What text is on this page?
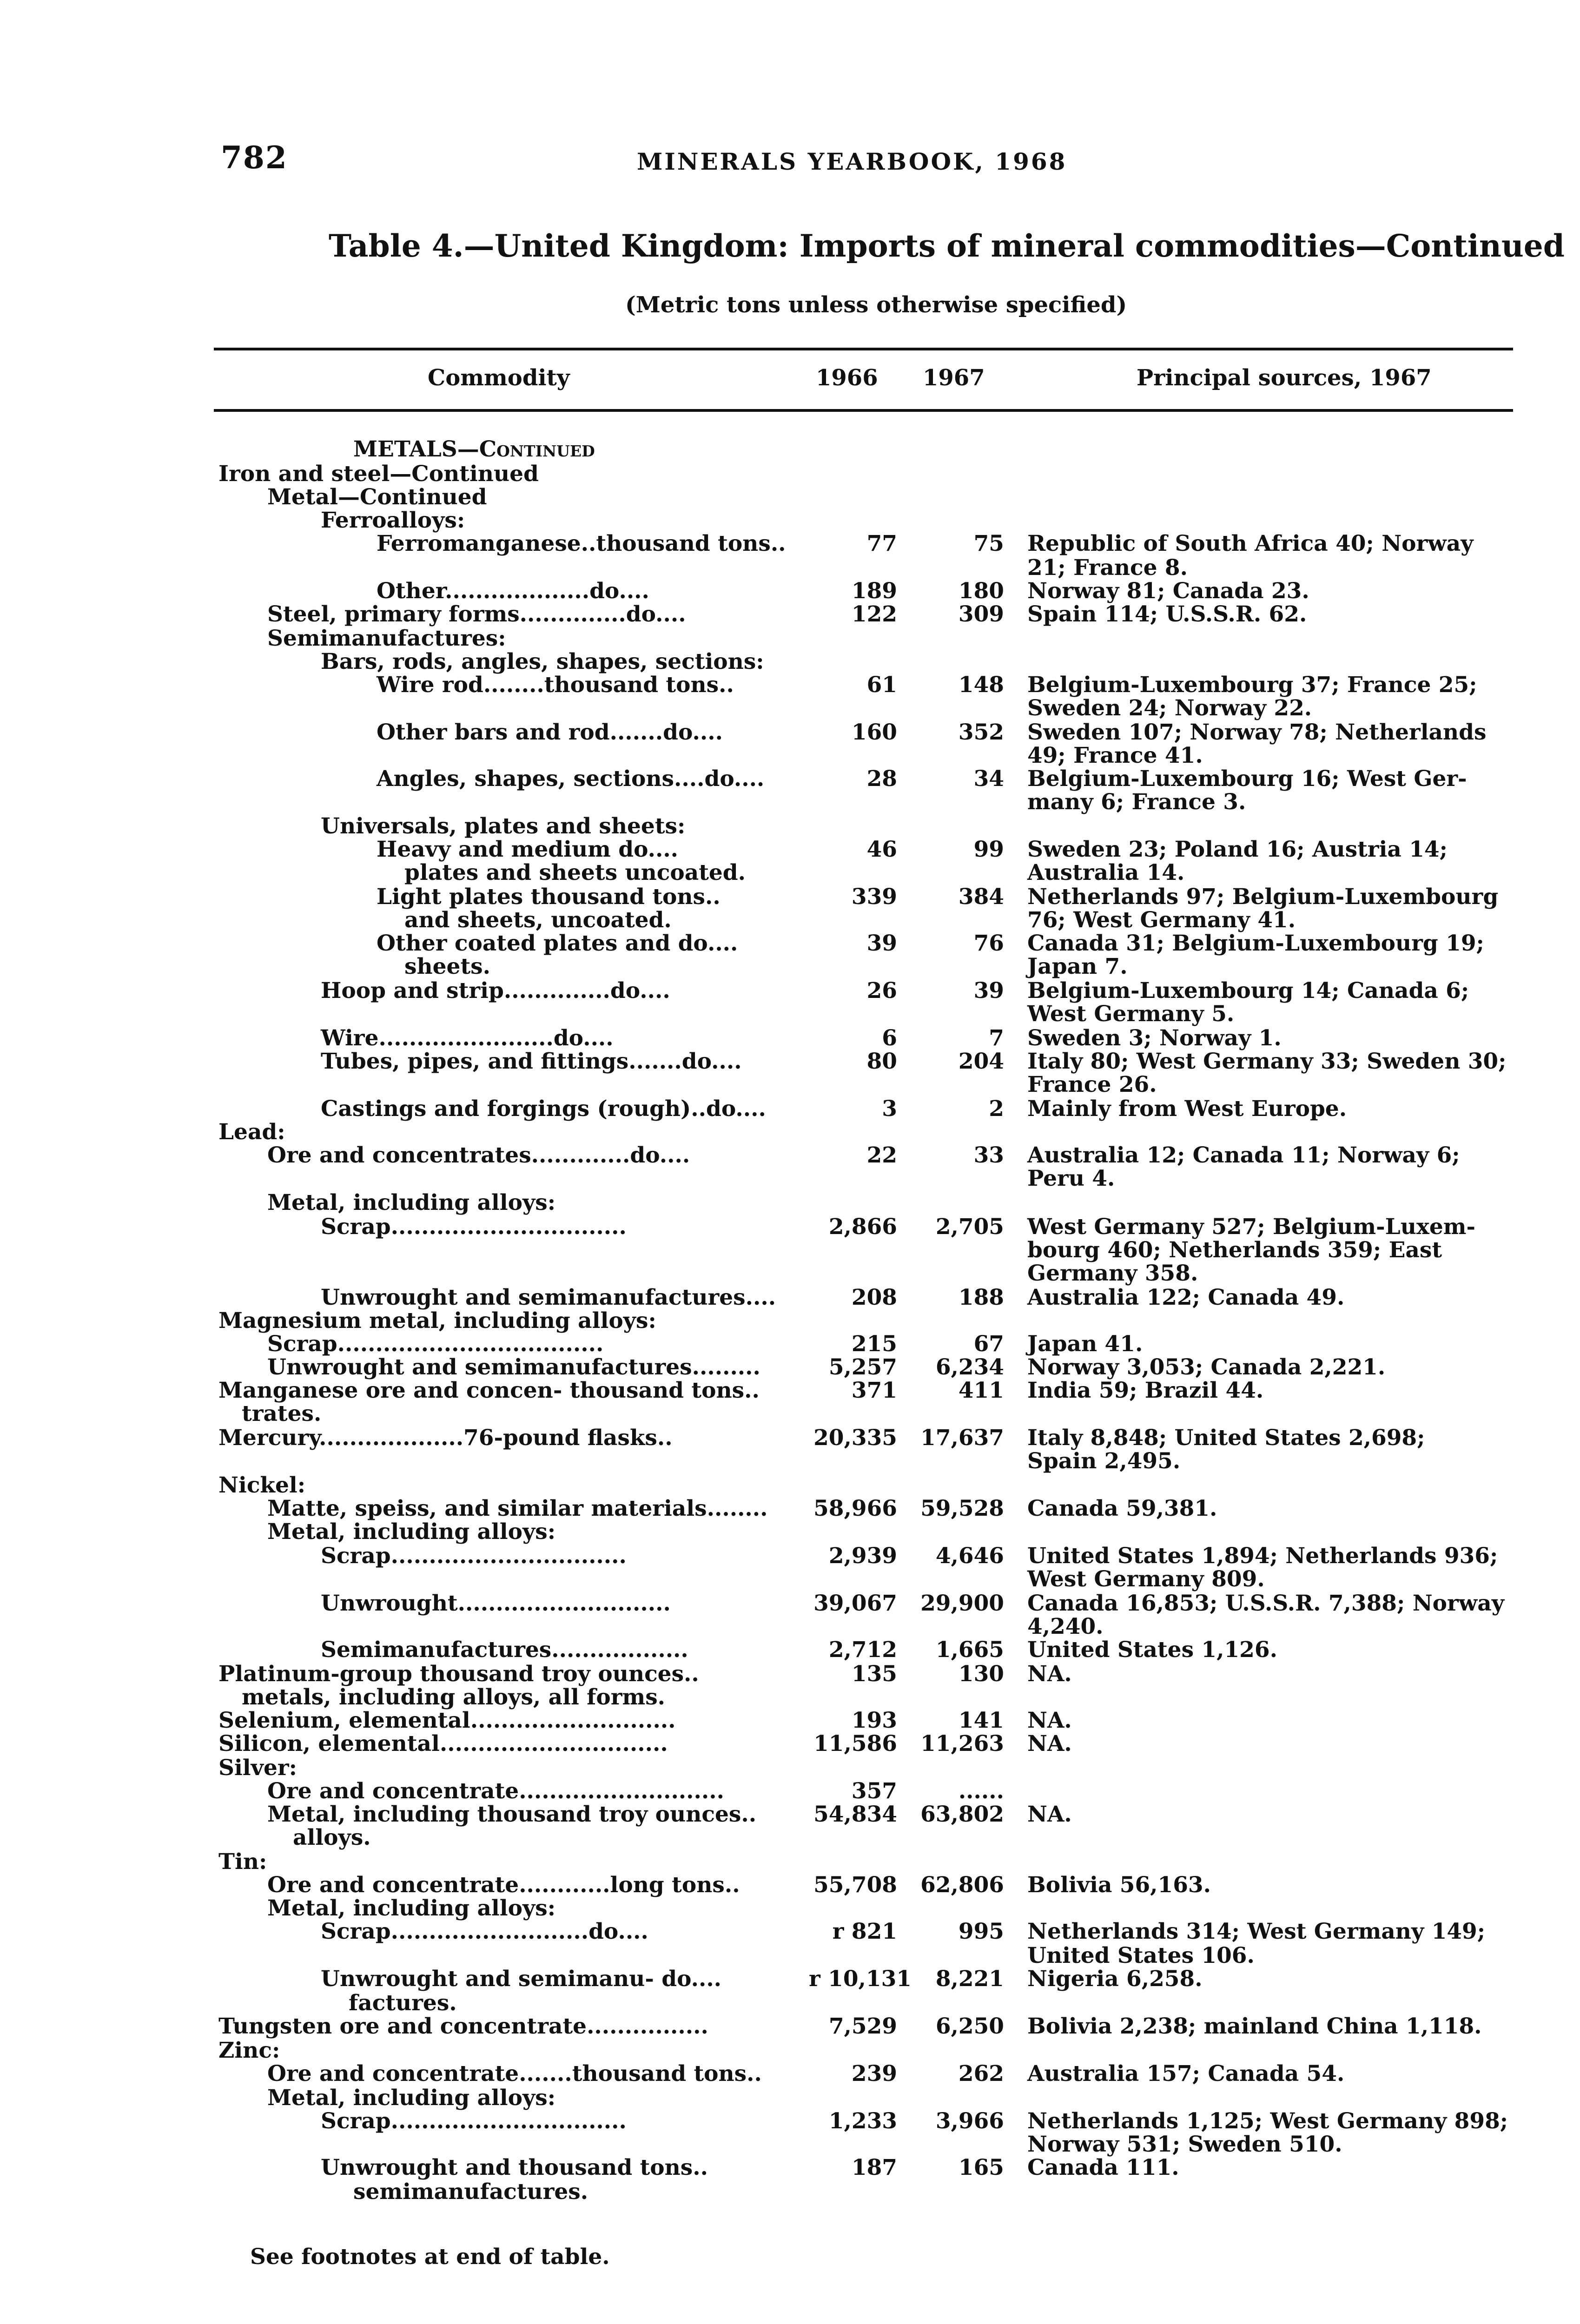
782	MINERALS YEARBOOK, 1968
Table 4.—United Kingdom: Imports of mineral commodities—Continued
(Metric tons unless otherwise specified)
Commodity	1966 1967	Principal sources, 1967
METALS—Continued
Iron and steel—Continued
Metal—Continued
Ferroalloys:
Ferromanganese..thousand tons..	77	75 Republic of South Africa 40; Norway
21; France 8.
Other...................do....	189	180 Norway 81; Canada 23.
Steel, primary forms..............do....	122	309 Spain 114; U.S.S.R. 62.
Semimanufactures:
Bars, rods, angles, shapes, sections:
Wire rod........thousand tons..	61	148 Belgium-Luxembourg 37; France 25;
Sweden 24; Norway 22.
Other bars and rod.......do....	160	352 Sweden 107; Norway 78; Netherlands
49; France 41.
Angles, shapes, sections....do....	28	34 Belgium-Luxembourg 16; West Ger-
many 6; France 3.
Universals, plates and sheets:
Heavy and medium do....	46	99 Sweden 23; Poland 16; Austria 14;
plates and sheets uncoated.	Australia 14.
Light plates thousand tons..	339	384 Netherlands 97; Belgium-Luxembourg
and sheets, uncoated.	76; West Germany 41.
Other coated plates and do....	39	76 Canada 31; Belgium-Luxembourg 19;
sheets.	Japan 7.
Hoop and strip..............do....	26	39 Belgium-Luxembourg 14; Canada 6;
West Germany 5.
Wire.......................do....	6	7 Sweden 3; Norway 1.
Tubes, pipes, and fittings.......do....	80	204 Italy 80; West Germany 33; Sweden 30;
France 26.
Castings and forgings (rough)..do....	3	2 Mainly from West Europe.
Lead:
Ore and concentrates.............do....	22	33 Australia 12; Canada 11; Norway 6;
Peru 4.
Metal, including alloys:
Scrap...............................	2,866	2,705 West Germany 527; Belgium-Luxem-
bourg 460; Netherlands 359; East
Germany 358.
Unwrought and semimanufactures....	208	188 Australia 122; Canada 49.
Magnesium metal, including alloys:
Scrap...................................	215	67 Japan 41.
Unwrought and semimanufactures.........	5,257	6,234 Norway 3,053; Canada 2,221.
Manganese ore and concen- thousand tons..	371	411 India 59; Brazil 44.
trates.
Mercury...................76-pound flasks..	20,335	17,637 Italy 8,848; United States 2,698;
Spain 2,495.
Nickel:
Matte, speiss, and similar materials........ 58,966	59,528 Canada 59,381.
Metal, including alloys:
Scrap...............................	2,939	4,646 United States 1,894; Netherlands 936;
West Germany 809.
Unwrought............................	39,067	29,900 Canada 16,853; U.S.S.R. 7,388; Norway
4,240.
Semimanufactures..................	2,712	1,665 United States 1,126.
Platinum-group thousand troy ounces..	135	130 NA.
metals, including alloys, all forms.
Selenium, elemental...........................	193	141 NA.
Silicon, elemental..............................	11,586	11,263 NA.
Silver:
Ore and concentrate...........................	357	......
Metal, including thousand troy ounces..	54,834	63,802 NA.
alloys.
Tin:
Ore and concentrate............long tons..	55,708	62,806 Bolivia 56,163.
Metal, including alloys:
Scrap..........................do....	r 821	995 Netherlands 314; West Germany 149;
United States 106.
Unwrought and semimanu- do....	r 10,131	8,221 Nigeria 6,258.
factures.
Tungsten ore and concentrate................	7,529	6,250 Bolivia 2,238; mainland China 1,118.
Zinc:
Ore and concentrate.......thousand tons..	239	262 Australia 157; Canada 54.
Metal, including alloys:
Scrap...............................	1,233	3,966 Netherlands 1,125; West Germany 898;
Norway 531; Sweden 510.
Unwrought and thousand tons..	187	165 Canada 111.
semimanufactures.
See footnotes at end of table.
